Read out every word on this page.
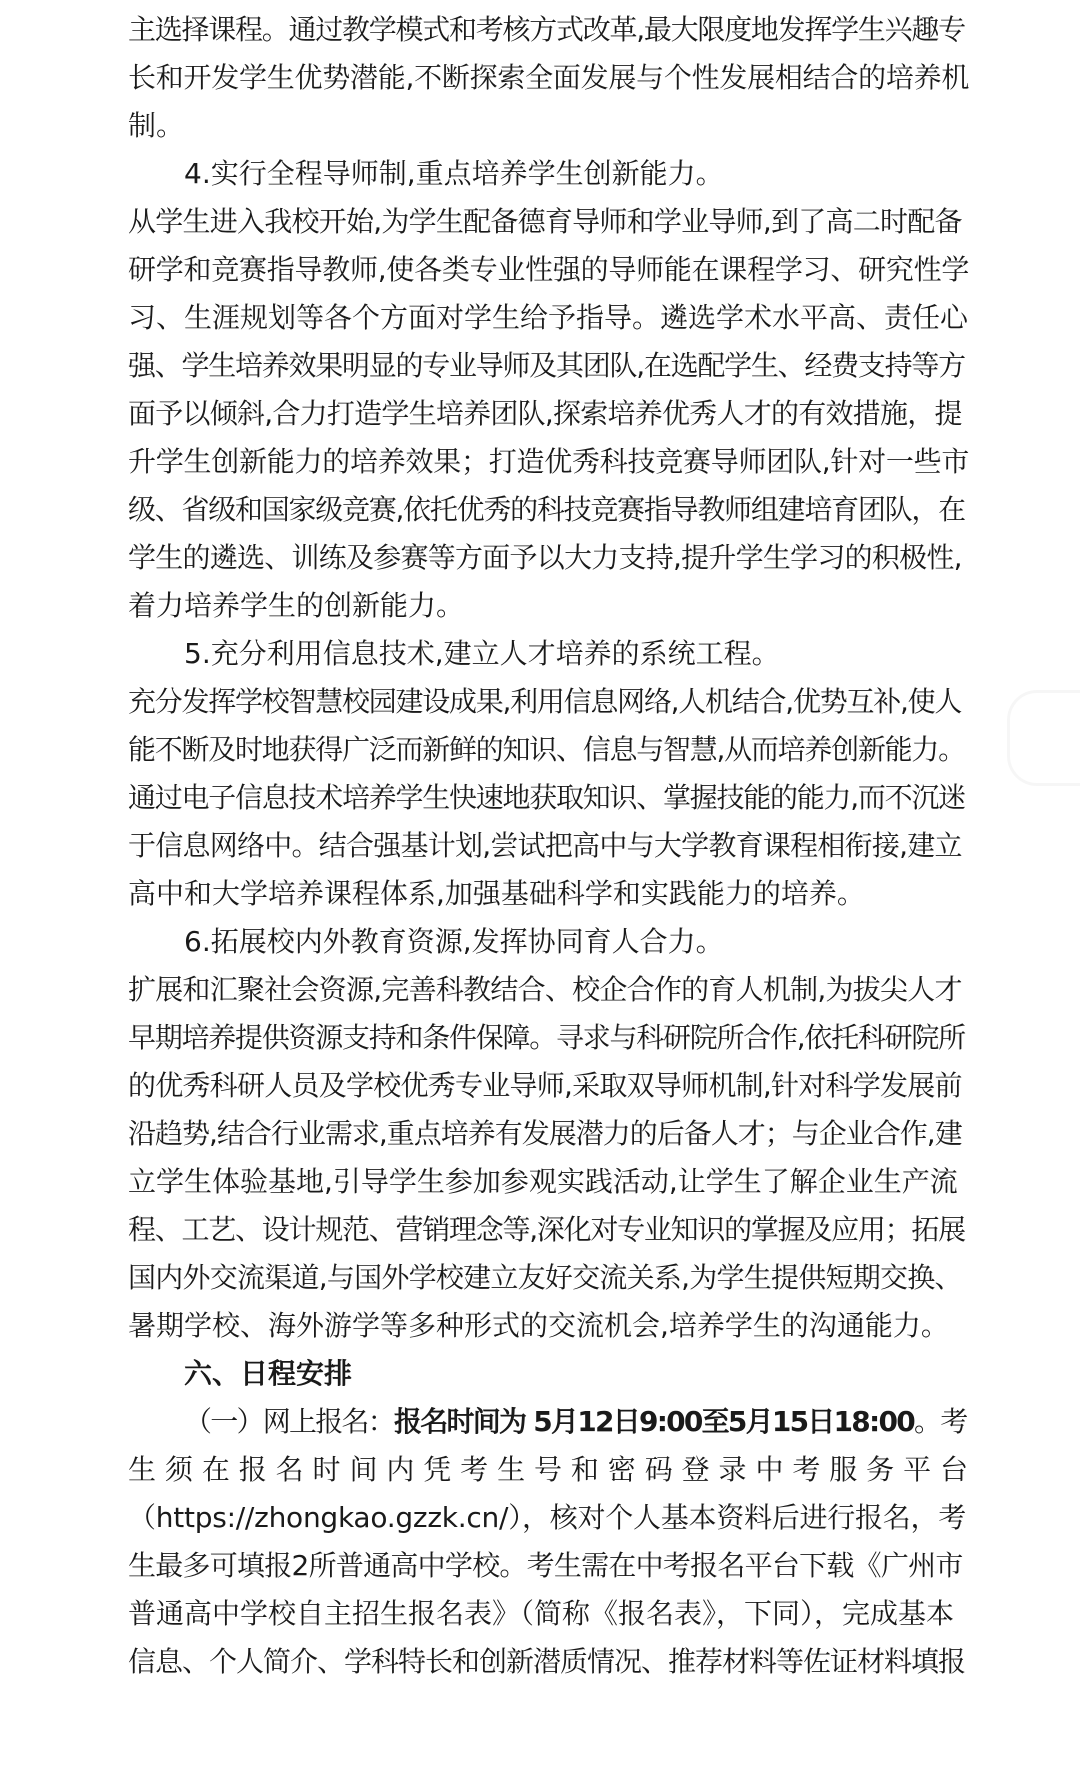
主选择课程。通过教学模式和考核方式改革,最大限度地发挥学生兴趣专
长和开发学生优势潜能,不断探索全面发展与个性发展相结合的培养机
制。
4.实行全程导师制,重点培养学生创新能力。
从学生进入我校开始,为学生配备德育导师和学业导师,到了高二时配备
研学和竞赛指导教师,使各类专业性强的导师能在课程学习、研究性学
习、生涯规划等各个方面对学生给予指导。遴选学术水平高、责任心
强、学生培养效果明显的专业导师及其团队,在选配学生、经费支持等方
面予以倾斜,合力打造学生培养团队,探索培养优秀人才的有效措施，提
升学生创新能力的培养效果；打造优秀科技竞赛导师团队,针对一些市
级、省级和国家级竞赛,依托优秀的科技竞赛指导教师组建培育团队，在
学生的遴选、训练及参赛等方面予以大力支持,提升学生学习的积极性,
着力培养学生的创新能力。
5.充分利用信息技术,建立人才培养的系统工程。
充分发挥学校智慧校园建设成果,利用信息网络,人机结合,优势互补,使人
能不断及时地获得广泛而新鲜的知识、信息与智慧,从而培养创新能力。
通过电子信息技术培养学生快速地获取知识、掌握技能的能力,而不沉迷
于信息网络中。结合强基计划,尝试把高中与大学教育课程相衔接,建立
高中和大学培养课程体系,加强基础科学和实践能力的培养。
6.拓展校内外教育资源,发挥协同育人合力。
扩展和汇聚社会资源,完善科教结合、校企合作的育人机制,为拔尖人才
早期培养提供资源支持和条件保障。寻求与科研院所合作,依托科研院所
的优秀科研人员及学校优秀专业导师,采取双导师机制,针对科学发展前
沿趋势,结合行业需求,重点培养有发展潜力的后备人才；与企业合作,建
立学生体验基地,引导学生参加参观实践活动,让学生了解企业生产流
程、工艺、设计规范、营销理念等,深化对专业知识的掌握及应用；拓展
国内外交流渠道,与国外学校建立友好交流关系,为学生提供短期交换、
暑期学校、海外游学等多种形式的交流机会,培养学生的沟通能力。
六、日程安排
（一）网上报名：报名时间为 5月12日9:00至5月15日18:00。考
生须在报名时间内凭考生号和密码登录中考服务平台
（https://zhongkao.gzzk.cn/），核对个人基本资料后进行报名，考
生最多可填报2所普通高中学校。考生需在中考报名平台下载《广州市
普通高中学校自主招生报名表》（简称《报名表》，下同），完成基本
信息、个人简介、学科特长和创新潜质情况、推荐材料等佐证材料填报
